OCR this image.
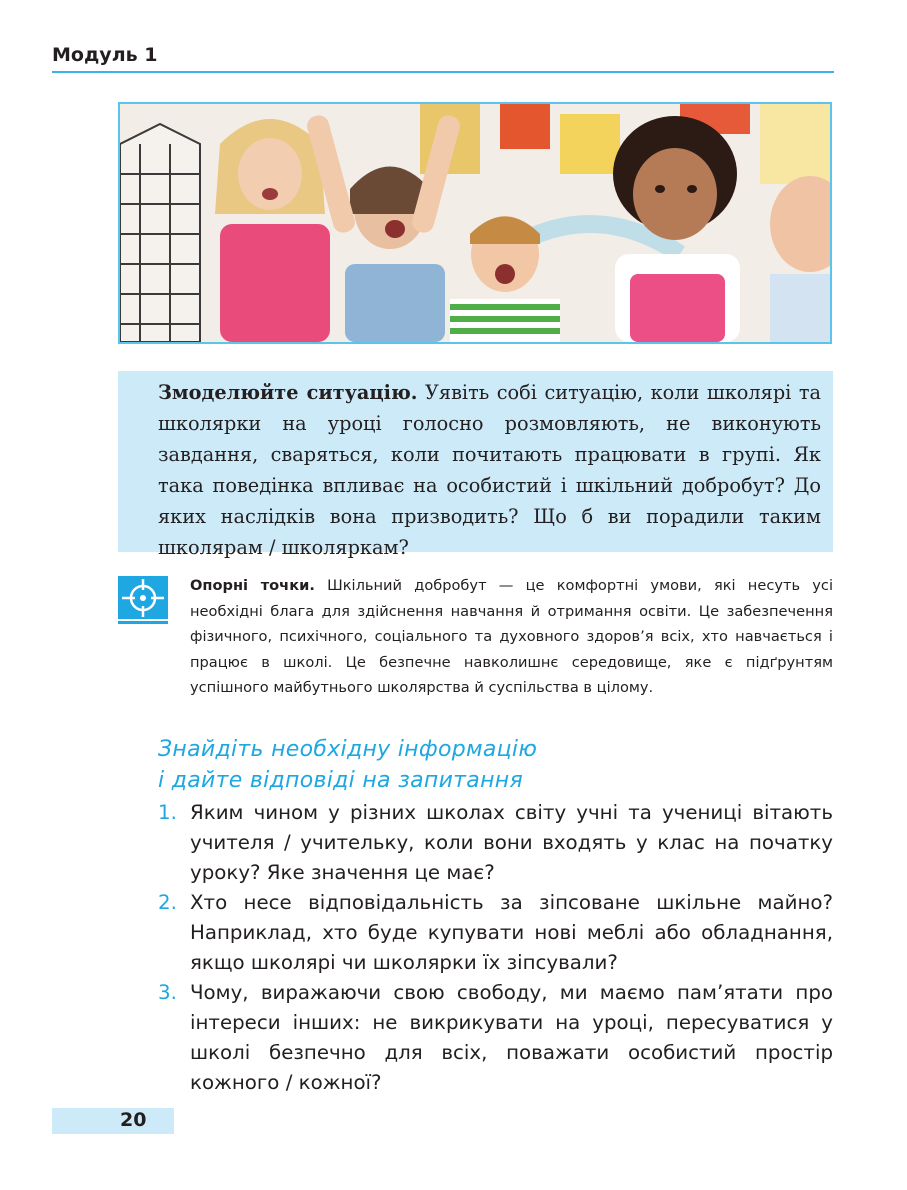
Модуль 1

Змоделюйте ситуацію. Уявіть собі ситуацію, коли школярі та школярки на уроці голосно розмовляють, не виконують завдання, сваряться, коли почитають працювати в групі. Як така поведінка впливає на особистий і шкільний добробут? До яких наслідків вона призводить? Що б ви порадили таким школярам / школяркам?

Опорні точки. Шкільний добробут — це комфортні умови, які несуть усі необхідні блага для здійснення навчання й отримання освіти. Це забезпечення фізичного, психічного, соціального та духовного здоров’я всіх, хто навчається і працює в школі. Це безпечне навколишнє середовище, яке є підґрунтям успішного майбутнього школярства й суспільства в цілому.

Знайдіть необхідну інформацію
і дайте відповіді на запитання
1. Яким чином у різних школах світу учні та учениці вітають учителя / учительку, коли вони входять у клас на початку уроку? Яке значення це має?
2. Хто несе відповідальність за зіпсоване шкільне майно? Наприклад, хто буде купувати нові меблі або обладнання, якщо школярі чи школярки їх зіпсували?
3. Чому, виражаючи свою свободу, ми маємо пам’ятати про інтереси інших: не викрикувати на уроці, пересуватися у школі безпечно для всіх, поважати особистий простір кожного / кожної?
20
